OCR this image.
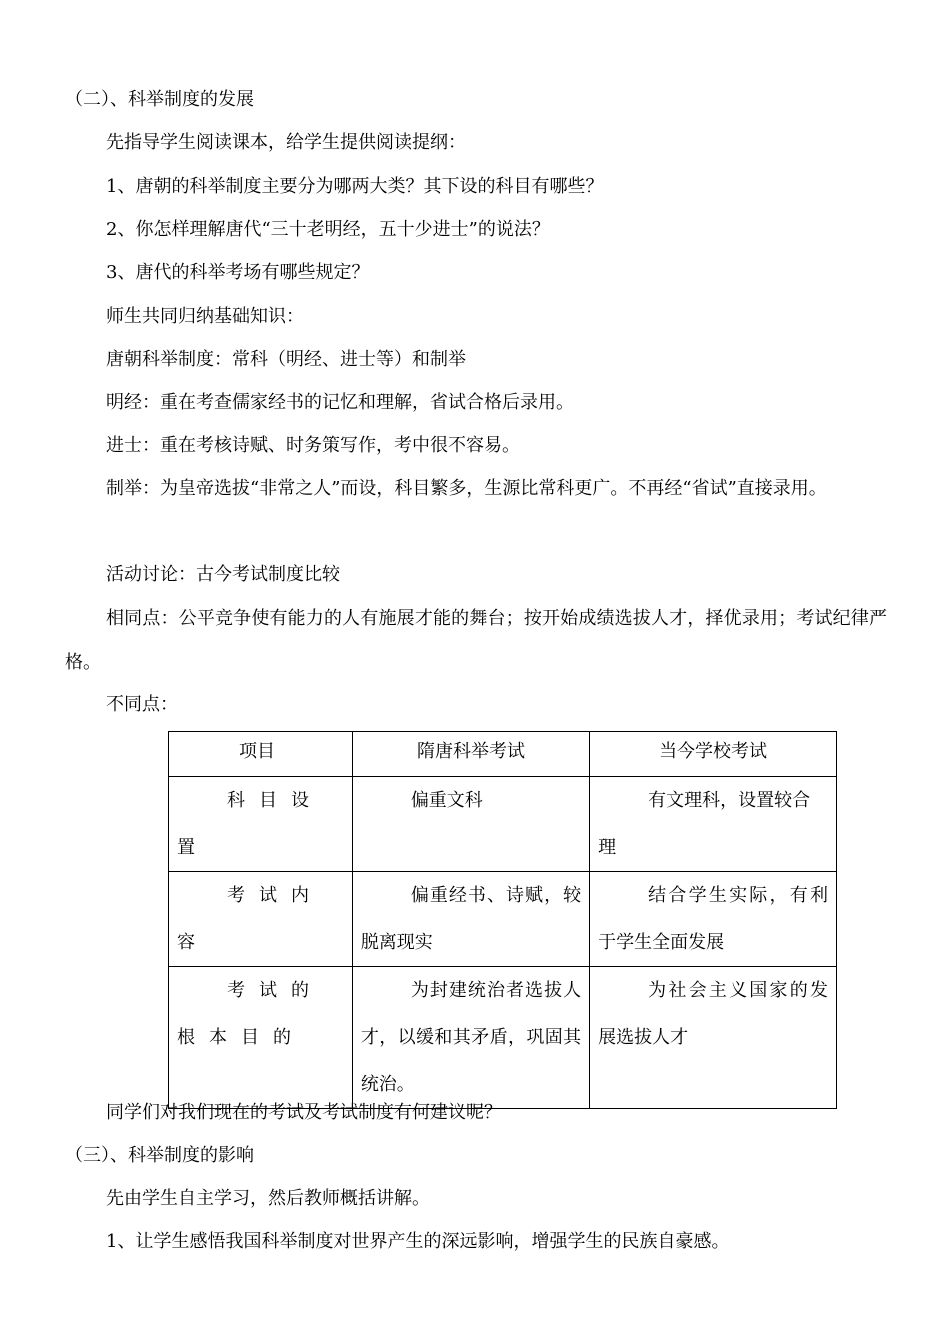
（二）、科举制度的发展
先指导学生阅读课本，给学生提供阅读提纲：
1、唐朝的科举制度主要分为哪两大类？其下设的科目有哪些？
2、你怎样理解唐代“三十老明经，五十少进士”的说法？
3、唐代的科举考场有哪些规定？
师生共同归纳基础知识：
唐朝科举制度：常科（明经、进士等）和制举
明经：重在考查儒家经书的记忆和理解，省试合格后录用。
进士：重在考核诗赋、时务策写作，考中很不容易。
制举：为皇帝选拔“非常之人”而设，科目繁多，生源比常科更广。不再经“省试”直接录用。
活动讨论：古今考试制度比较
相同点：公平竞争使有能力的人有施展才能的舞台；按开始成绩选拔人才，择优录用；考试纪律严格。
不同点：
项目	隋唐科举考试	当今学校考试
科目设置	偏重文科	有文理科，设置较合理
考试内容	偏重经书、诗赋，较脱离现实	结合学生实际，有利于学生全面发展
考试的根本目的	为封建统治者选拔人才，以缓和其矛盾，巩固其统治。	为社会主义国家的发展选拔人才
同学们对我们现在的考试及考试制度有何建议呢？
（三）、科举制度的影响
先由学生自主学习，然后教师概括讲解。
1、让学生感悟我国科举制度对世界产生的深远影响，增强学生的民族自豪感。
